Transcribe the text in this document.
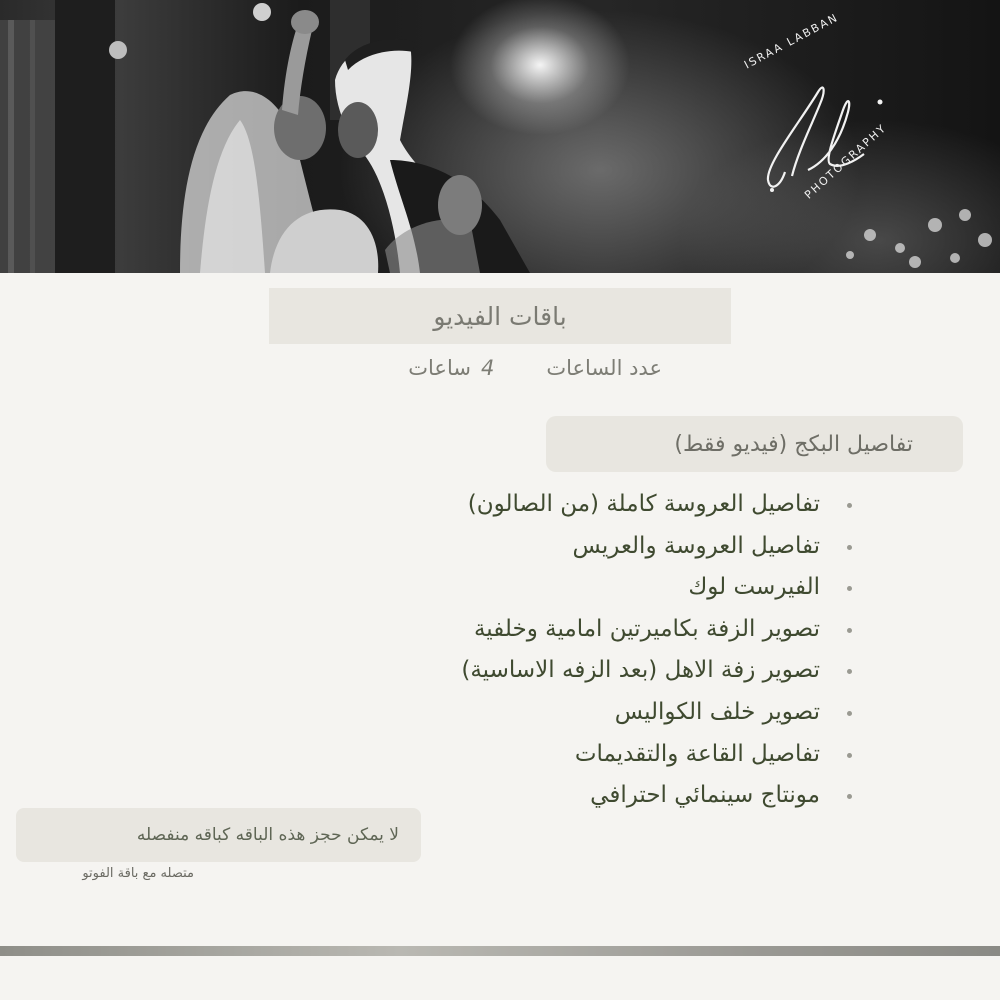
ISRAA LABBAN
PHOTOGRAPHY
باقات الفيديو
عدد الساعات
4
ساعات
تفاصيل البكج (فيديو فقط)
تفاصيل العروسة كاملة (من الصالون)
تفاصيل العروسة والعريس
الفيرست لوك
تصوير الزفة بكاميرتين امامية وخلفية
تصوير زفة الاهل (بعد الزفه الاساسية)
تصوير خلف الكواليس
تفاصيل القاعة والتقديمات
مونتاج سينمائي احترافي
لا يمكن حجز هذه الباقه كباقه منفصله
متصله مع باقة الفوتو
